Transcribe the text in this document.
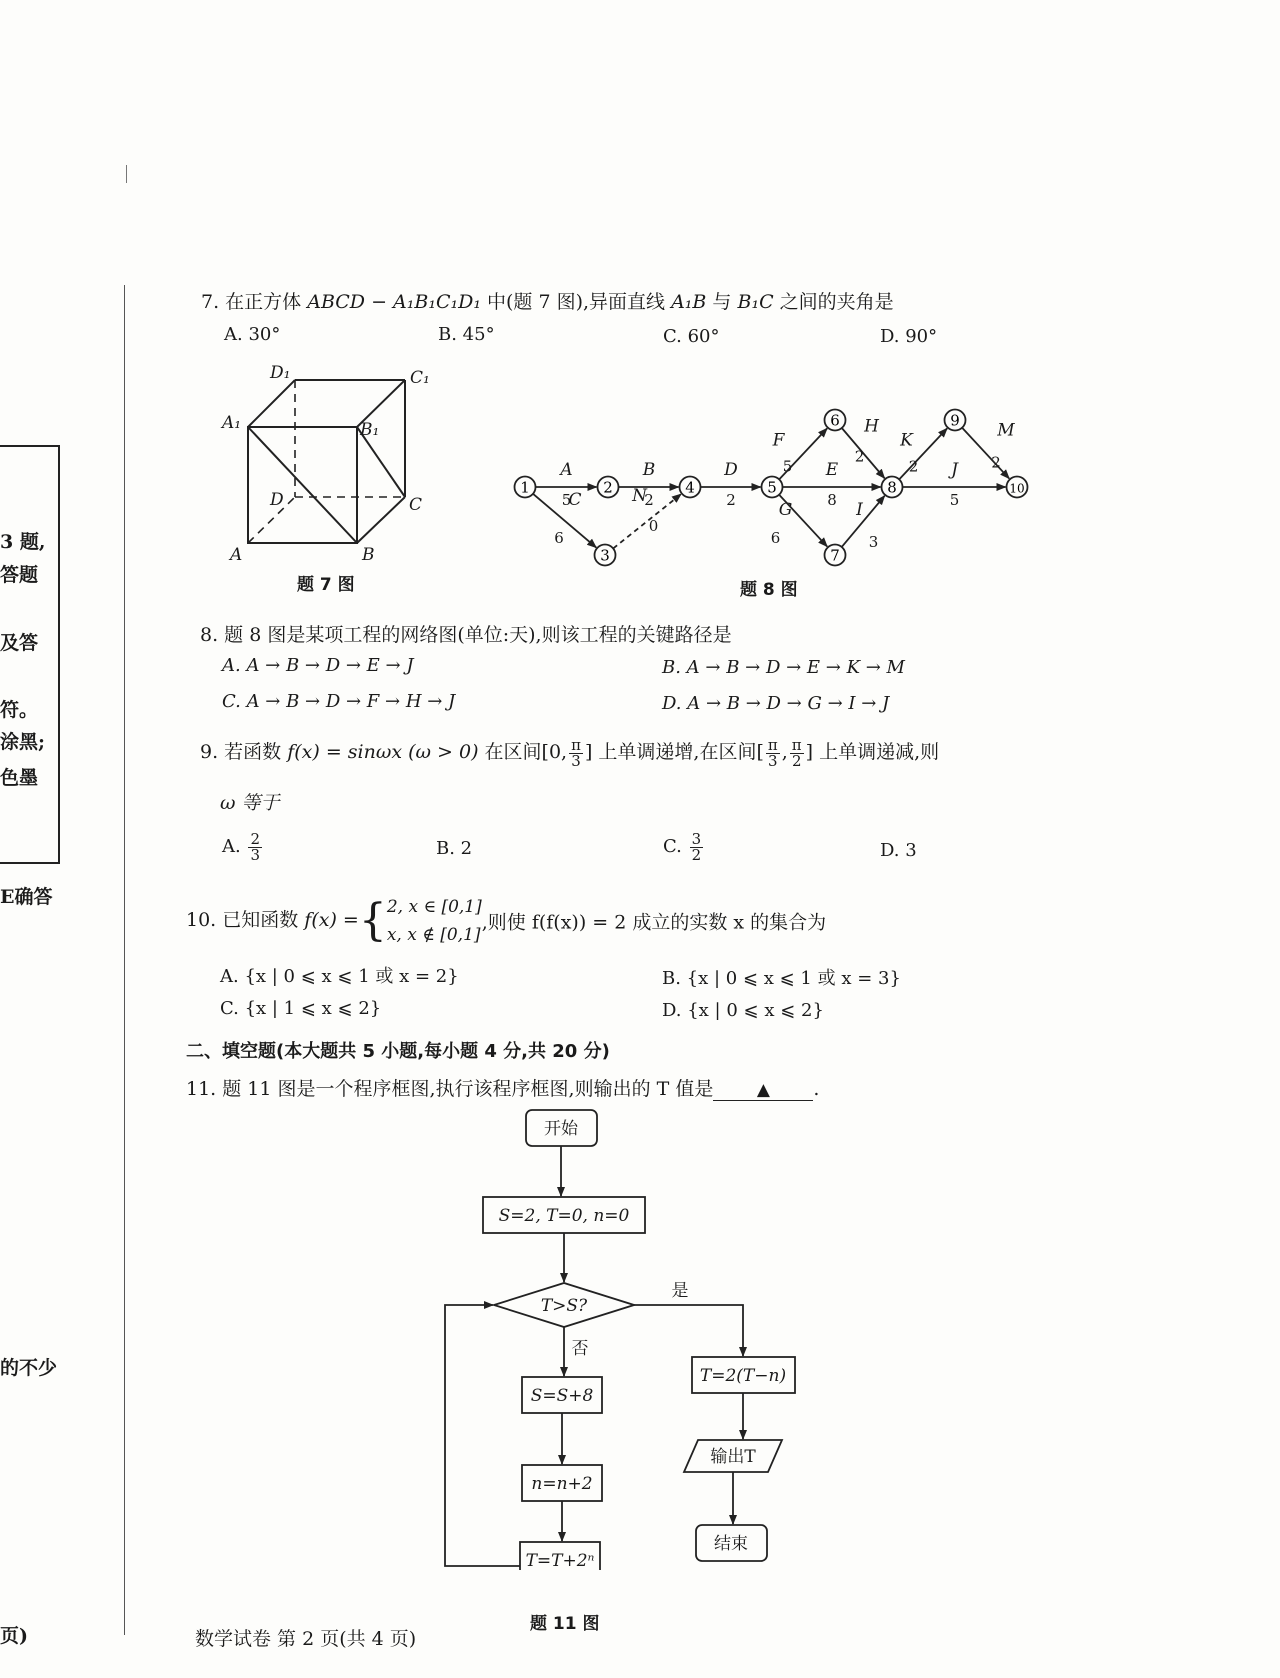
3 题,
答题
及答
符。
涂黑;
色墨
E确答
的不少
页)
7. 在正方体 ABCD − A₁B₁C₁D₁ 中(题 7 图),异面直线 A₁B 与 B₁C 之间的夹角是
A. 30°	B. 45°	C. 60°	D. 90°
D₁	C₁
A₁	B₁
D	C
A	B
题 7 图
A
5
B
2
C
6
N
0
D
2
F
5 E
8
G
6
H
2
I
3
K
2 J
5
M
2
1	2
3
4	5
6
7
8
9
10
题 8 图
8. 题 8 图是某项工程的网络图(单位:天),则该工程的关键路径是
A. A → B → D → E → J	B. A → B → D → E → K → M
C. A → B → D → F → H → J	D. A → B → D → G → I → J
9. 若函数 f(x) = sinωx (ω > 0) 在区间[0, $\frac{\pi}{3}$ ] 上单调递增,在区间[ $\frac{\pi}{3}$ , $\frac{\pi}{2}$ ] 上单调递减,则
ω 等于
A. $\frac{2}{3}$	B. 2	C. $\frac{3}{2}$	D. 3
10. 已知函数 f(x) ={ 2, x ∈ [0,1]
x, x ∉ [0,1]
,则使 f(f(x)) = 2 成立的实数 x 的集合为
A. {x | 0 ⩽ x ⩽ 1 或 x = 2}	B. {x | 0 ⩽ x ⩽ 1 或 x = 3}
C. {x | 1 ⩽ x ⩽ 2}	D. {x | 0 ⩽ x ⩽ 2}
二、填空题(本大题共 5 小题,每小题 4 分,共 20 分)
11. 题 11 图是一个程序框图,执行该程序框图,则输出的 T 值是	▲ .
开始
S=2, T=0, n=0
T>S?
是
否
S=S+8
n=n+2
T=T+2ⁿ
T=2(T−n)
输出T
结束
题 11 图
数学试卷 第 2 页(共 4 页)
